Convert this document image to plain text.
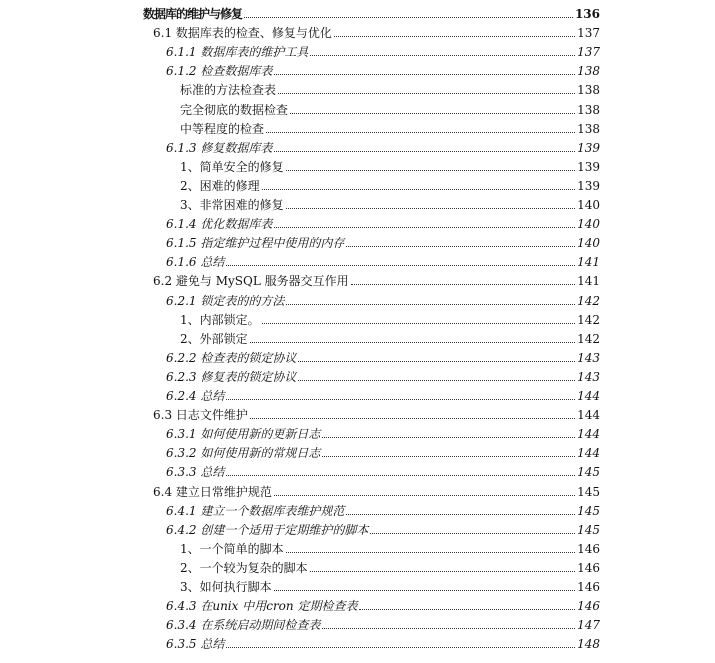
数据库的维护与修复	136
6.1 数据库表的检查、修复与优化	137
6.1.1 数据库表的维护工具	137
6.1.2 检查数据库表	138
标准的方法检查表	138
完全彻底的数据检查	138
中等程度的检查	138
6.1.3 修复数据库表	139
1、简单安全的修复	139
2、困难的修理	139
3、非常困难的修复	140
6.1.4 优化数据库表	140
6.1.5 指定维护过程中使用的内存	140
6.1.6 总结	141
6.2 避免与 MySQL 服务器交互作用	141
6.2.1 锁定表的的方法	142
1、内部锁定。	142
2、外部锁定	142
6.2.2 检查表的锁定协议	143
6.2.3 修复表的锁定协议	143
6.2.4 总结	144
6.3 日志文件维护	144
6.3.1 如何使用新的更新日志	144
6.3.2 如何使用新的常规日志	144
6.3.3 总结	145
6.4 建立日常维护规范	145
6.4.1 建立一个数据库表维护规范	145
6.4.2 创建一个适用于定期维护的脚本	145
1、一个简单的脚本	146
2、一个较为复杂的脚本	146
3、如何执行脚本	146
6.4.3 在unix 中用cron 定期检查表	146
6.3.4 在系统启动期间检查表	147
6.3.5 总结	148
